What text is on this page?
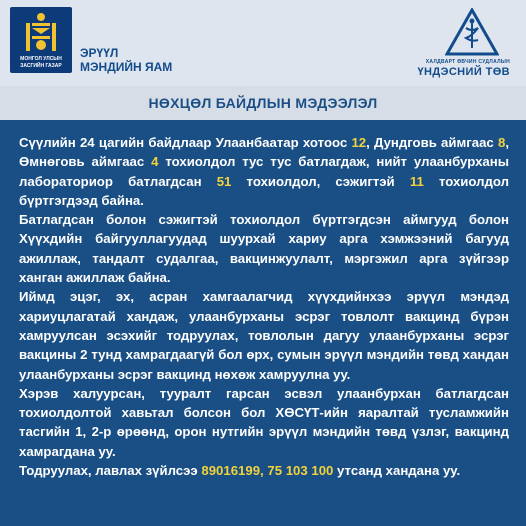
МОНГОЛ УЛСЫН
ЗАСГИЙН ГАЗАР
ЭРҮҮЛ
МЭНДИЙН ЯАМ	ХАЛДВАРТ ӨВЧИН СУДЛАЛЫН
ҮНДЭСНИЙ ТӨВ
НӨХЦӨЛ БАЙДЛЫН МЭДЭЭЛЭЛ

Сүүлийн 24 цагийн байдлаар Улаанбаатар хотоос 12, Дундговь аймгаас 8, Өмнөговь аймгаас 4 тохиолдол тус тус батлагдаж, нийт улаанбурханы лабораториор батлагдсан 51 тохиолдол, сэжигтэй 11 тохиолдол бүртгэгдээд байна.

Батлагдсан болон сэжигтэй тохиолдол бүртгэгдсэн аймгууд болон Хүүхдийн байгууллагуудад шуурхай хариу арга хэмжээний багууд ажиллаж, тандалт судалгаа, вакцинжуулалт, мэргэжил арга зүйгээр ханган ажиллаж байна.

Иймд эцэг, эх, асран хамгаалагчид хүүхдийнхээ эрүүл мэндэд хариуцлагатай хандаж, улаанбурханы эсрэг товлолт вакцинд бүрэн хамруулсан эсэхийг тодруулах, товлолын дагуу улаанбурханы эсрэг вакцины 2 тунд хамрагдаагүй бол өрх, сумын эрүүл мэндийн төвд хандан улаанбурханы эсрэг вакцинд нөхөж хамруулна уу.

Хэрэв халуурсан, тууралт гарсан эсвэл улаанбурхан батлагдсан тохиолдолтой хавьтал болсон бол ХӨСҮТ-ийн яаралтай тусламжийн тасгийн 1, 2-р өрөөнд, орон нутгийн эрүүл мэндийн төвд үзлэг, вакцинд хамрагдана уу.

Тодруулах, лавлах зүйлсээ 89016199, 75 103 100 утсанд хандана уу.
